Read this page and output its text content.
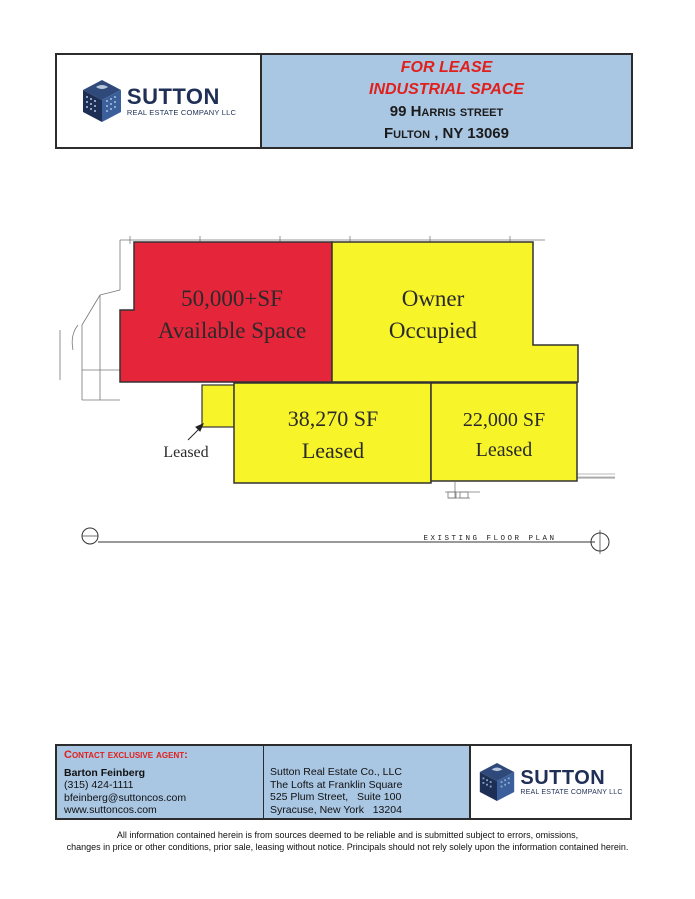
SUTTON
REAL ESTATE COMPANY LLC
FOR LEASE
INDUSTRIAL SPACE
99 Harris street
Fulton , NY 13069
50,000+SF
Available Space
Owner
Occupied
38,270 SF
Leased
22,000 SF
Leased
Leased
EXISTING FLOOR PLAN
Contact exclusive agent:
Barton Feinberg
(315) 424-1111
bfeinberg@suttoncos.com
www.suttoncos.com
Sutton Real Estate Co., LLC
The Lofts at Franklin Square
525 Plum Street,   Suite 100
Syracuse, New York   13204
SUTTON
REAL ESTATE COMPANY LLC
All information contained herein is from sources deemed to be reliable and is submitted subject to errors, omissions,
changes in price or other conditions, prior sale, leasing without notice. Principals should not rely solely upon the information contained herein.
